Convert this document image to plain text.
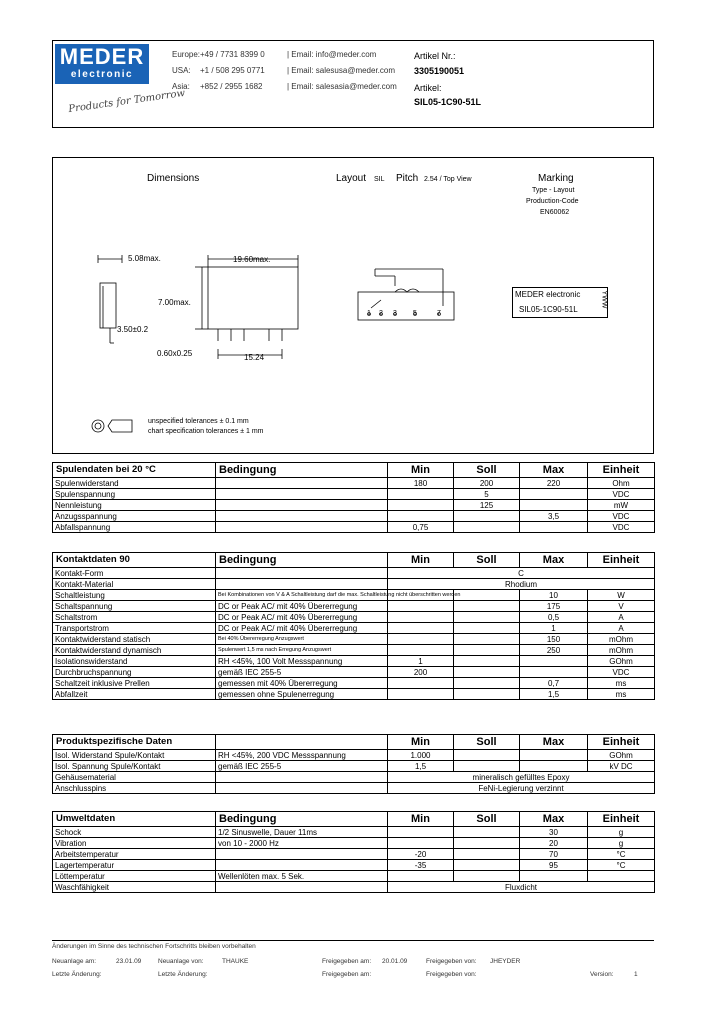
MEDER
electronic
Products for Tomorrow
Europe: +49 / 7731 8399 0	| Email: info@meder.com
USA: +1 / 508 295 0771	| Email: salesusa@meder.com
Asia: +852 / 2955 1682	| Email: salesasia@meder.com
Artikel Nr.:
3305190051
Artikel:
SIL05-1C90-51L
Dimensions	Layout SIL Pitch 2.54 / Top View	Marking
Type - Layout
Production-Code
EN60062
5.08max.	19.60max.
7.00max.
3.50±0.2
0.60x0.25	15.24
1 2 3 5	7
MEDER electronic
SIL05-1C90-51L
YWW
unspecified tolerances ± 0.1 mm
chart specification tolerances ± 1 mm
Spulendaten bei 20 °C	Bedingung	Min	Soll	Max	Einheit
Spulenwiderstand		180	200	220	Ohm
Spulenspannung			5		VDC
Nennleistung			125		mW
Anzugsspannung				3,5	VDC
Abfallspannung		0,75			VDC
Kontaktdaten 90	Bedingung	Min	Soll	Max	Einheit
Kontakt-Form		C			
Kontakt-Material		Rhodium			
Schaltleistung	Bei Kombinationen von V & A Schaltleistung darf die max. Schaltleistung nicht überschritten werden			10	W
Schaltspannung	DC or Peak AC/ mit 40% Übererregung			175	V
Schaltstrom	DC or Peak AC/ mit 40% Übererregung			0,5	A
Transportstrom	DC or Peak AC/ mit 40% Übererregung			1	A
Kontaktwiderstand statisch	Bei 40% Übererregung Anzugswert			150	mOhm
Kontaktwiderstand dynamisch	Spulenwert 1,5 ms nach Erregung Anzugswert			250	mOhm
Isolationswiderstand	RH <45%, 100 Volt Messspannung	1			GOhm
Durchbruchspannung	gemäß IEC 255-5	200			VDC
Schaltzeit inklusive Prellen	gemessen mit 40% Übererregung			0,7	ms
Abfallzeit	gemessen ohne Spulenerregung			1,5	ms
Produktspezifische Daten		Min	Soll	Max	Einheit
Isol. Widerstand Spule/Kontakt	RH <45%, 200 VDC Messspannung	1.000			GOhm
Isol. Spannung Spule/Kontakt	gemäß IEC 255-5	1,5			kV DC
Gehäusematerial		mineralisch gefülltes Epoxy			
Anschlusspins		FeNi-Legierung verzinnt			
Umweltdaten	Bedingung	Min	Soll	Max	Einheit
Schock	1/2 Sinuswelle, Dauer 11ms			30	g
Vibration	von 10 - 2000 Hz			20	g
Arbeitstemperatur		-20		70	°C
Lagertemperatur		-35		95	°C
Löttemperatur	Wellenlöten max. 5 Sek.				
Waschfähigkeit		Fluxdicht			
Änderungen im Sinne des technischen Fortschritts bleiben vorbehalten
Neuanlage am:	23.01.09	Neuanlage von:	THAUKE	Freigegeben am: 20.01.09	Freigegeben von: JHEYDER
Letzte Änderung:	Letzte Änderung:	Freigegeben am:	Freigegeben von:	Version:	1
